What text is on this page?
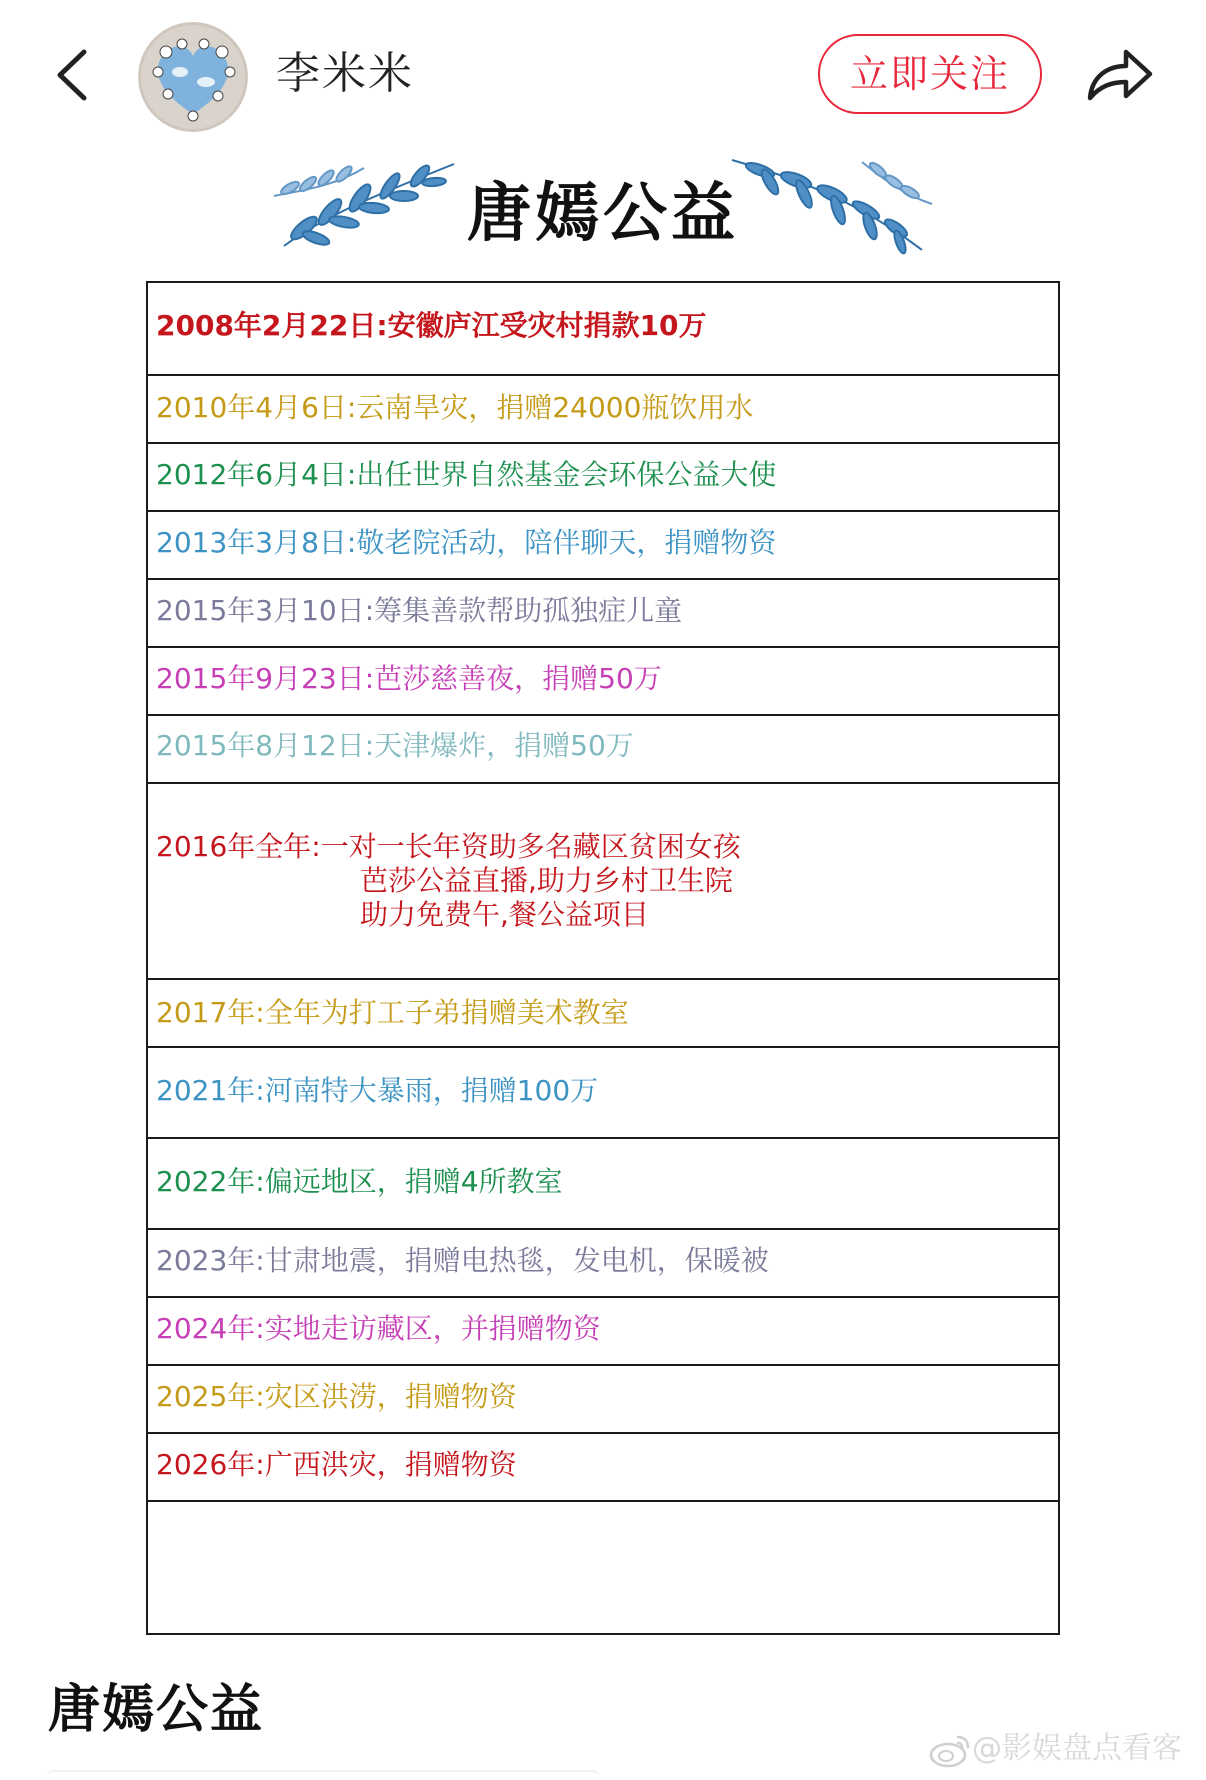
李米米	立即关注
唐嫣公益
2008年2月22日:安徽庐江受灾村捐款10万
2010年4月6日:云南旱灾，捐赠24000瓶饮用水
2012年6月4日:出任世界自然基金会环保公益大使
2013年3月8日:敬老院活动，陪伴聊天，捐赠物资
2015年3月10日:筹集善款帮助孤独症儿童
2015年9月23日:芭莎慈善夜，捐赠50万
2015年8月12日:天津爆炸，捐赠50万
2016年全年:一对一长年资助多名藏区贫困女孩
芭莎公益直播,助力乡村卫生院
助力免费午,餐公益项目
2017年:全年为打工子弟捐赠美术教室
2021年:河南特大暴雨，捐赠100万
2022年:偏远地区，捐赠4所教室
2023年:甘肃地震，捐赠电热毯，发电机，保暖被
2024年:实地走访藏区，并捐赠物资
2025年:灾区洪涝，捐赠物资
2026年:广西洪灾，捐赠物资
唐嫣公益
@影娱盘点看客
